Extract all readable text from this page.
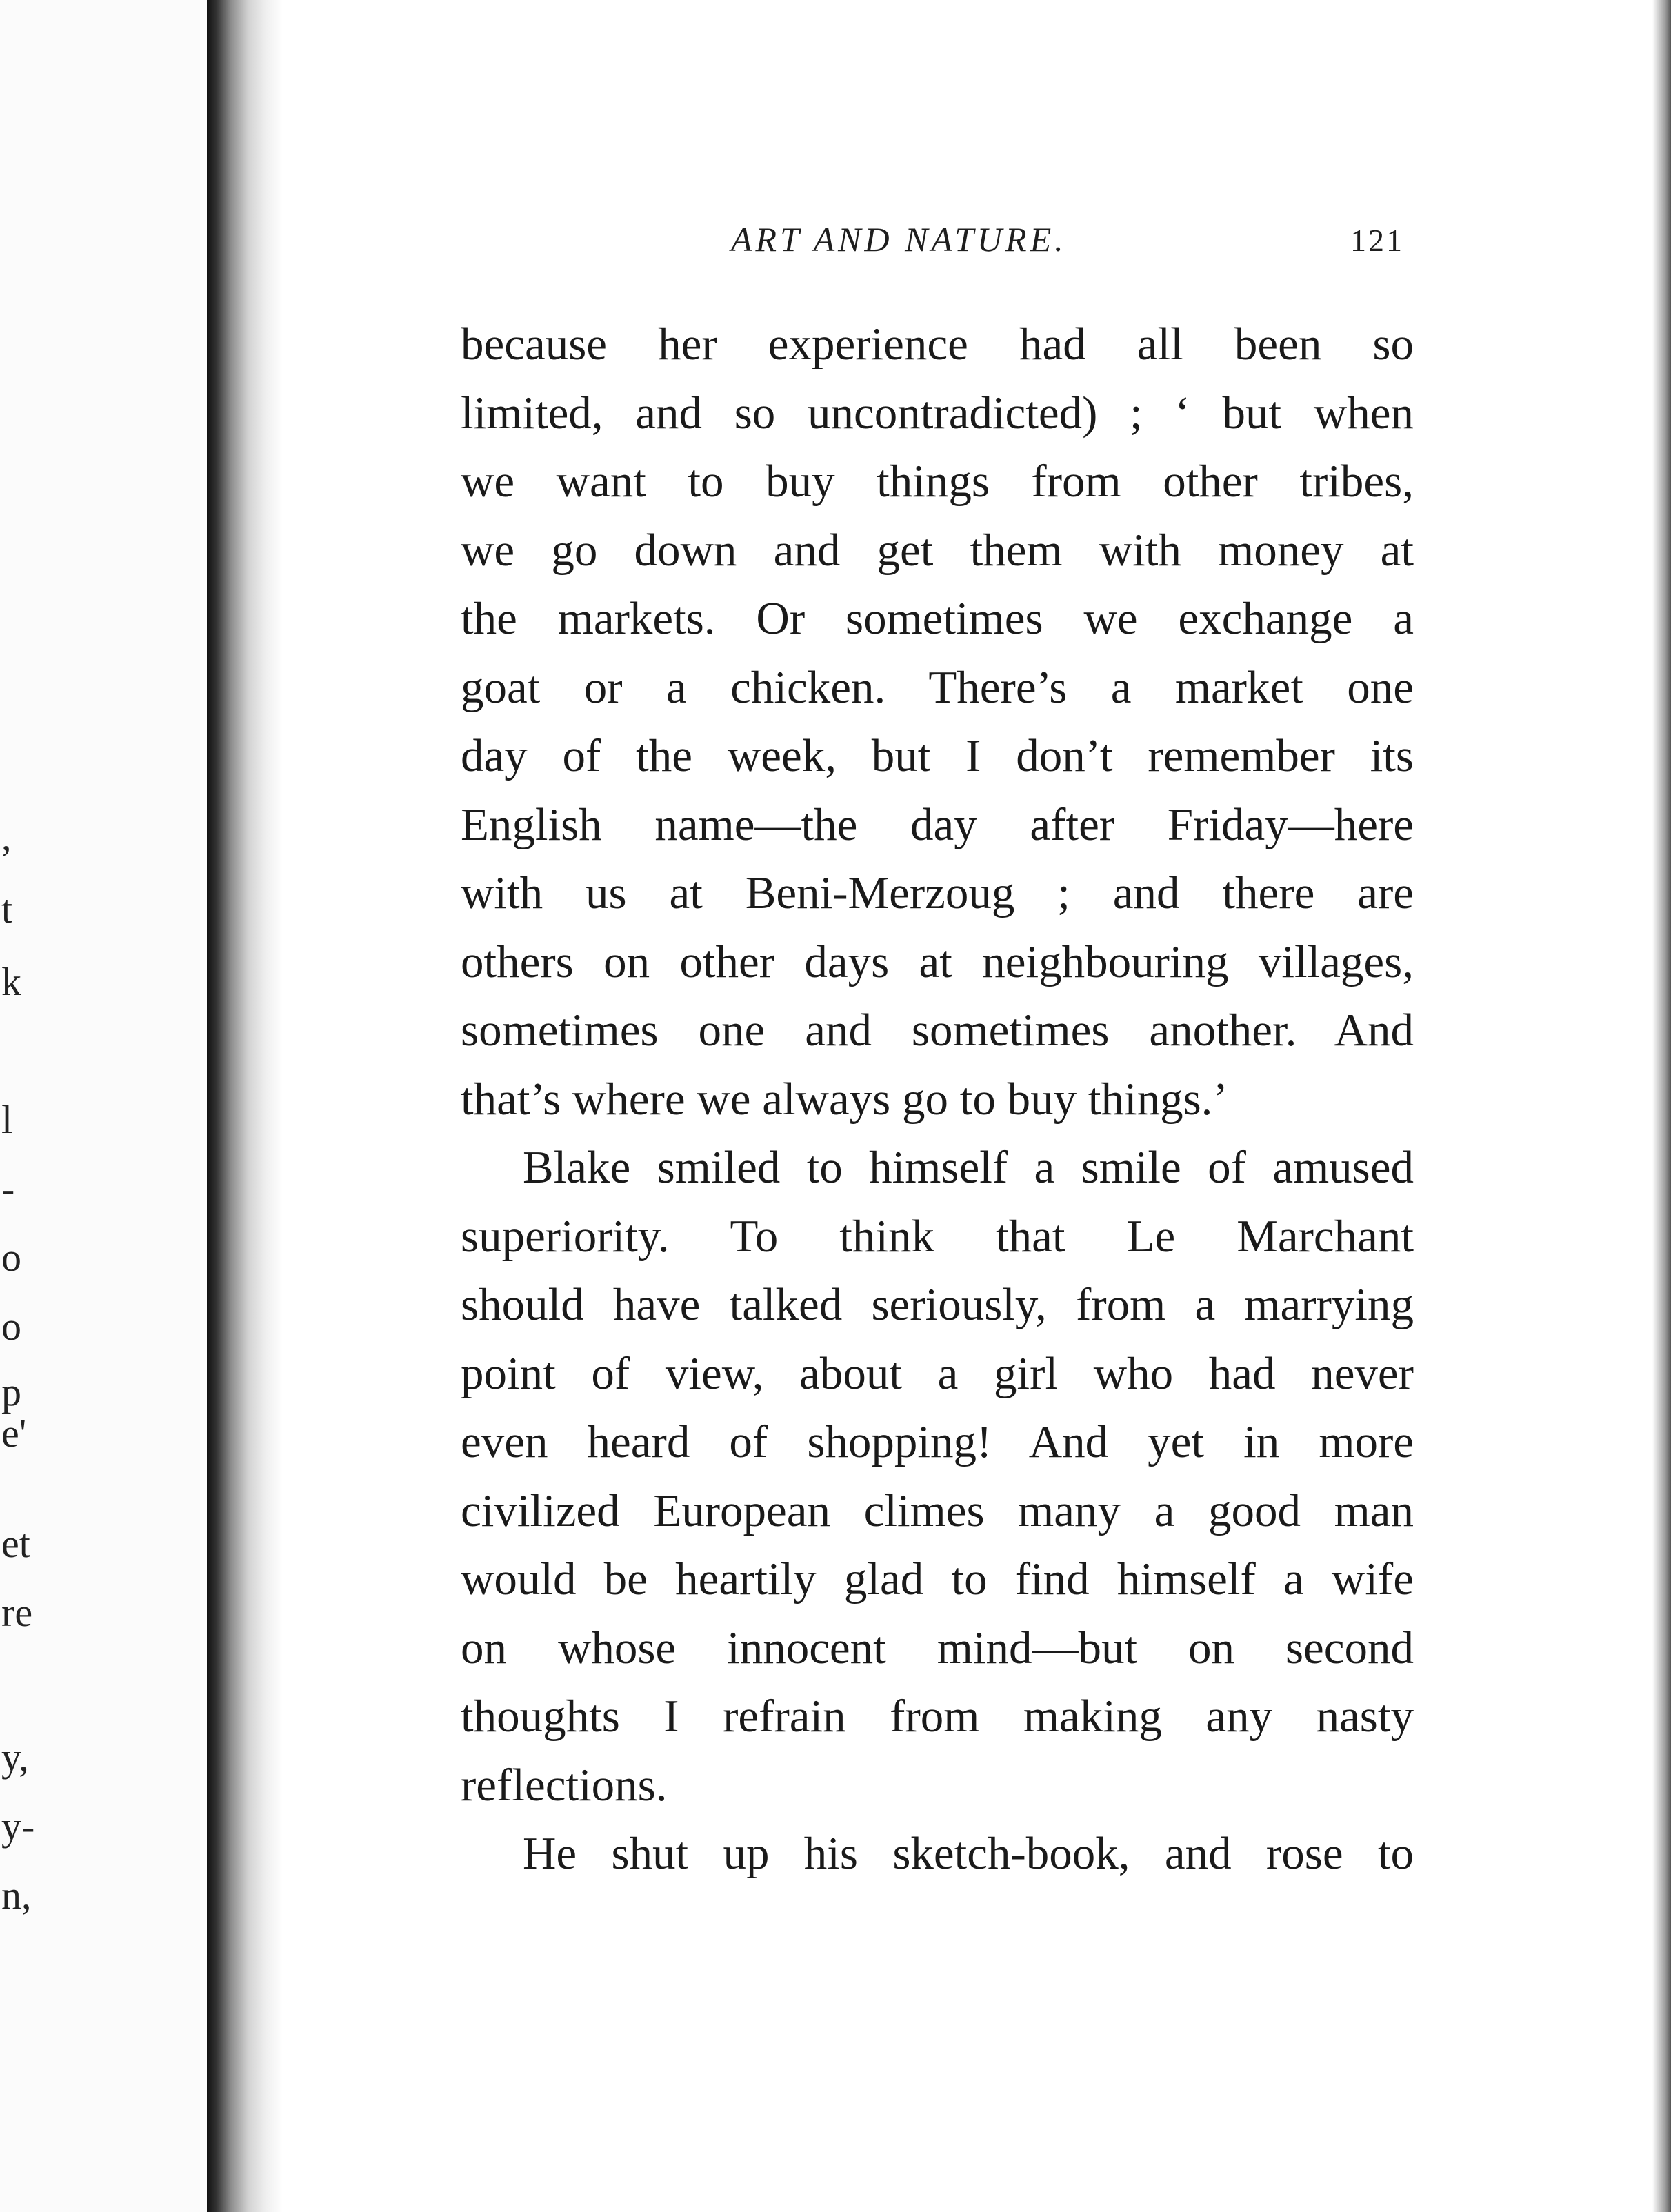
,
t
k
l
-
o
o
p
e'
et
re
y,
y-
n,
ART AND NATURE.	121
because her experience had all been so
limited, and so uncontradicted) ; ‘ but when
we want to buy things from other tribes,
we go down and get them with money at
the markets. Or sometimes we exchange a
goat or a chicken. There’s a market one
day of the week, but I don’t remember its
English name—the day after Friday—here
with us at Beni-Merzoug ; and there are
others on other days at neighbouring villages,
sometimes one and sometimes another. And
that’s where we always go to buy things.’
Blake smiled to himself a smile of amused
superiority. To think that Le Marchant
should have talked seriously, from a marrying
point of view, about a girl who had never
even heard of shopping! And yet in more
civilized European climes many a good man
would be heartily glad to find himself a wife
on whose innocent mind—but on second
thoughts I refrain from making any nasty
reflections.
He shut up his sketch-book, and rose to
